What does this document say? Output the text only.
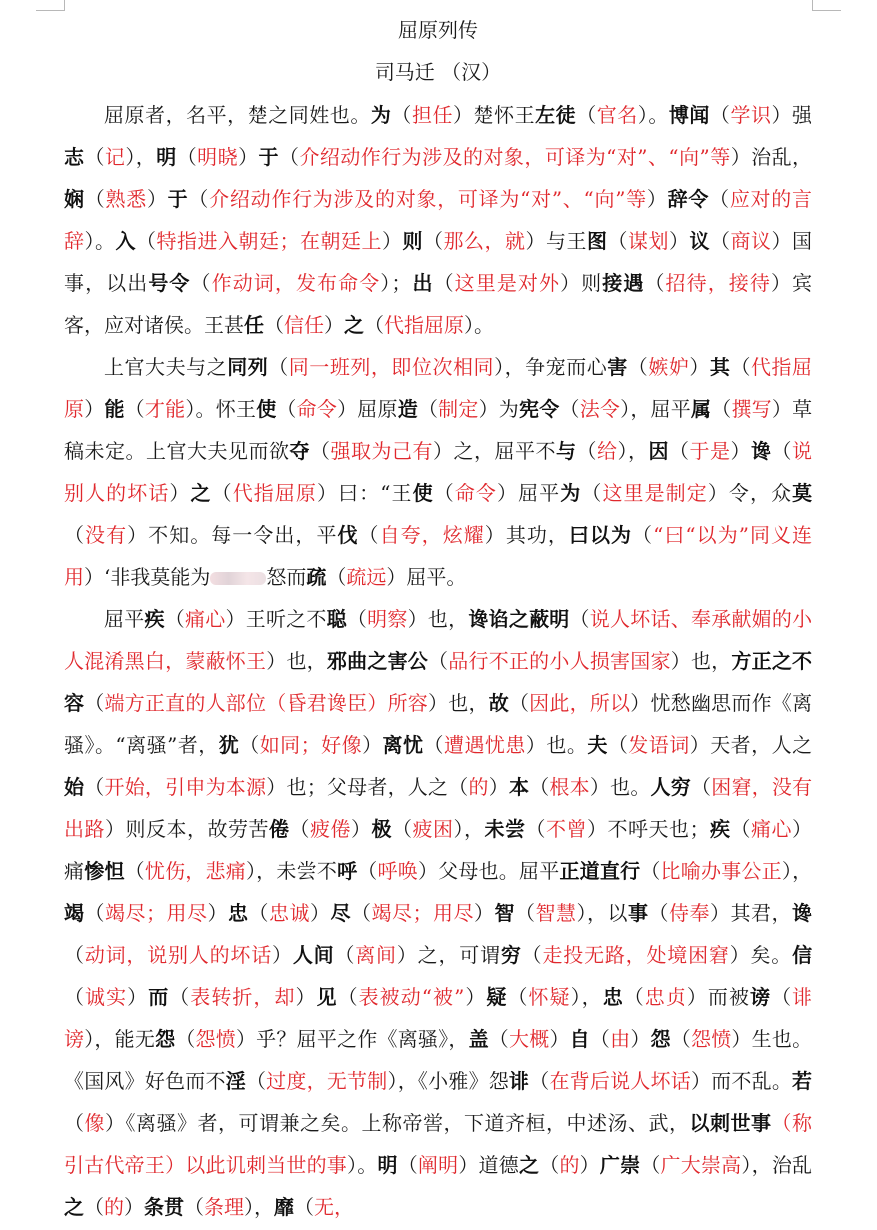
屈原列传
司马迁 （汉）

屈原者，名平，楚之同姓也。为（担任）楚怀王左徒（官名）。博闻（学识）强志（记），明（明晓）于（介绍动作行为涉及的对象，可译为“对”、“向”等）治乱，娴（熟悉）于（介绍动作行为涉及的对象，可译为“对”、“向”等）辞令（应对的言辞）。入（特指进入朝廷；在朝廷上）则（那么，就）与王图（谋划）议（商议）国事，以出号令（作动词，发布命令）；出（这里是对外）则接遇（招待，接待）宾客，应对诸侯。王甚任（信任）之（代指屈原）。

上官大夫与之同列（同一班列，即位次相同），争宠而心害（嫉妒）其（代指屈原）能（才能）。怀王使（命令）屈原造（制定）为宪令（法令），屈平属（撰写）草稿未定。上官大夫见而欲夺（强取为己有）之，屈平不与（给），因（于是）谗（说别人的坏话）之（代指屈原）曰：“王使（命令）屈平为（这里是制定）令，众莫（没有）不知。每一令出，平伐（自夸，炫耀）其功，曰以为（“曰“以为”同义连用）‘非我莫能为	怒而疏（疏远）屈平。

屈平疾（痛心）王听之不聪（明察）也，谗谄之蔽明（说人坏话、奉承献媚的小人混淆黑白，蒙蔽怀王）也，邪曲之害公（品行不正的小人损害国家）也，方正之不容（端方正直的人部位（昏君谗臣）所容）也，故（因此，所以）忧愁幽思而作《离骚》。“离骚”者，犹（如同；好像）离忧（遭遇忧患）也。夫（发语词）天者，人之始（开始，引申为本源）也；父母者，人之（的）本（根本）也。人穷（困窘，没有出路）则反本，故劳苦倦（疲倦）极（疲困），未尝（不曾）不呼天也；疾（痛心）痛惨怛（忧伤，悲痛），未尝不呼（呼唤）父母也。屈平正道直行（比喻办事公正），竭（竭尽；用尽）忠（忠诚）尽（竭尽；用尽）智（智慧），以事（侍奉）其君，谗（动词，说别人的坏话）人间（离间）之，可谓穷（走投无路，处境困窘）矣。信（诚实）而（表转折，却）见（表被动“被”）疑（怀疑），忠（忠贞）而被谤（诽谤），能无怨（怨愤）乎？屈平之作《离骚》，盖（大概）自（由）怨（怨愤）生也。《国风》好色而不淫（过度，无节制），《小雅》怨诽（在背后说人坏话）而不乱。若（像）《离骚》者，可谓兼之矣。上称帝喾，下道齐桓，中述汤、武，以刺世事（称引古代帝王）以此讥刺当世的事）。明（阐明）道德之（的）广崇（广大崇高），治乱之（的）条贯（条理），靡（无，
